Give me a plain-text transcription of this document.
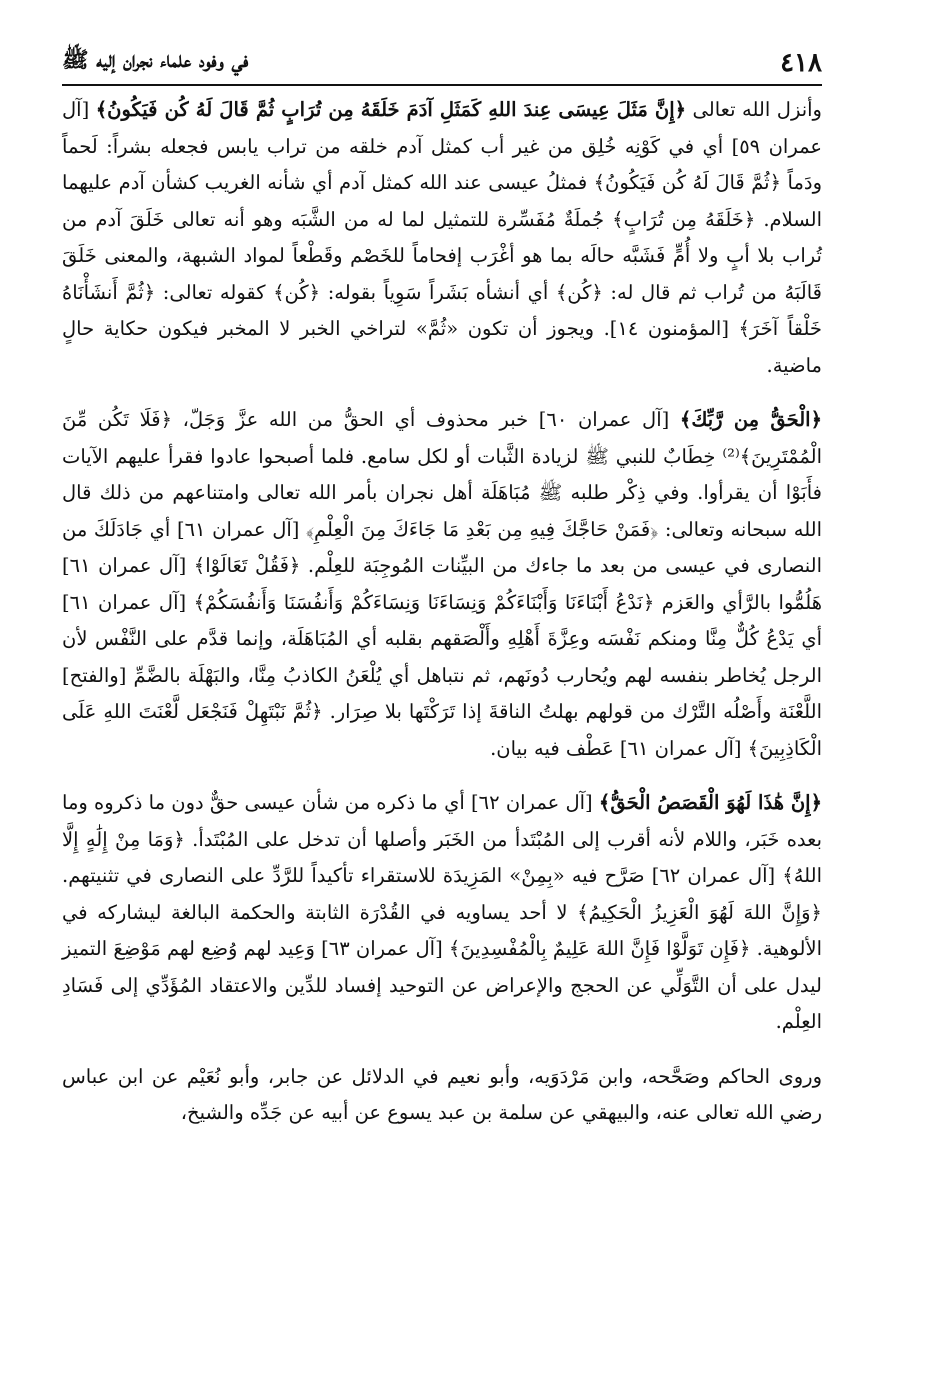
٤١٨
في وفود علماء نجران إليه ﷺ

وأنزل الله تعالى ﴿إِنَّ مَثَلَ عِيسَى عِندَ اللهِ كَمَثَلِ آدَمَ خَلَقَهُ مِن تُرَابٍ ثُمَّ قَالَ لَهُ كُن فَيَكُونُ﴾ [آل عمران ٥٩] أي في كَوْنِه خُلِق من غير أب كمثل آدم خلقه من تراب يابس فجعله بشراً: لَحماً ودَماً ﴿ثُمَّ قَالَ لَهُ كُن فَيَكُونُ﴾ فمثلُ عيسى عند الله كمثل آدم أي شأنه الغريب كشأن آدم عليهما السلام. ﴿خَلَقَهُ مِن تُرَابٍ﴾ جُملَةٌ مُفَسِّرة للتمثيل لما له من الشَّبَه وهو أنه تعالى خَلَقَ آدم من تُراب بلا أبٍ ولا أُمٍّ فَشَبَّه حالَه بما هو أغْرَب إفحاماً للخَصْم وقَطْعاً لمواد الشبهة، والمعنى خَلَقَ قَالَبَهُ من تُراب ثم قال له: ﴿كُن﴾ أي أنشأه بَشَراً سَوِياً بقوله: ﴿كُن﴾ كقوله تعالى: ﴿ثُمَّ أَنشَأْنَاهُ خَلْقاً آخَرَ﴾ [المؤمنون ١٤]. ويجوز أن تكون «ثُمَّ» لتراخي الخبر لا المخبر فيكون حكاية حالٍ ماضية.

﴿الْحَقُّ مِن رَّبِّكَ﴾ [آل عمران ٦٠] خبر محذوف أي الحقُّ من الله عزَّ وَجَلّ، ﴿فَلَا تَكُن مِّنَ الْمُمْتَرِينَ﴾⁽²⁾ خِطَابٌ للنبي ﷺ لزيادة الثَّبات أو لكل سامع. فلما أصبحوا عادوا فقرأ عليهم الآيات فأَبَوْا أن يقرأوا. وفي ذِكْر طلبه ﷺ مُبَاهَلَة أهل نجران بأمر الله تعالى وامتناعهم من ذلك قال الله سبحانه وتعالى: ﴿فَمَنْ حَاجَّكَ فِيهِ مِن بَعْدِ مَا جَاءَكَ مِنَ الْعِلْمِ﴾ [آل عمران ٦١] أي جَادَلَكَ من النصارى في عيسى من بعد ما جاءك من البيِّنات المُوجِبَة للعِلْم. ﴿فَقُلْ تَعَالَوْا﴾ [آل عمران ٦١] هَلُمُّوا بالرَّأي والعَزم ﴿نَدْعُ أَبْنَاءَنَا وَأَبْنَاءَكُمْ وَنِسَاءَنَا وَنِسَاءَكُمْ وَأَنفُسَنَا وَأَنفُسَكُمْ﴾ [آل عمران ٦١] أي يَدْعُ كُلٌّ مِنَّا ومنكم نَفْسَه وعِزَّةَ أَهْلِهِ وأَلْصَقهم بقلبه أي المُبَاهَلَة، وإنما قدَّم على النَّفْس لأن الرجل يُخاطر بنفسه لهم ويُحارب دُونَهم، ثم نتباهل أي يُلْعَنُ الكاذبُ مِنَّا، والبَهْلَة بالضَّمِّ [والفتح] اللَّعْنَة وأَصْلُه التَّرْك من قولهم بهلتُ الناقةَ إذا تَرَكْتَها بلا صِرَار. ﴿ثُمَّ نَبْتَهِلْ فَنَجْعَل لَّعْنَتَ اللهِ عَلَى الْكَاذِبِينَ﴾ [آل عمران ٦١] عَطْف فيه بيان.

﴿إِنَّ هَٰذَا لَهُوَ الْقَصَصُ الْحَقُّ﴾ [آل عمران ٦٢] أي ما ذكره من شأن عيسى حقٌّ دون ما ذكروه وما بعده خَبَر، واللام لأنه أقرب إلى المُبْتَدأ من الخَبَر وأصلها أن تدخل على المُبْتَدأ. ﴿وَمَا مِنْ إِلَٰهٍ إِلَّا اللهُ﴾ [آل عمران ٦٢] صَرَّح فيه «بِمِنْ» المَزِيدَة للاستقراء تأكيداً للرَّدِّ على النصارى في تثنيتهم. ﴿وَإِنَّ اللهَ لَهُوَ الْعَزِيزُ الْحَكِيمُ﴾ لا أحد يساويه في القُدْرَة الثابتة والحكمة البالغة ليشاركه في الألوهية. ﴿فَإِن تَوَلَّوْا فَإِنَّ اللهَ عَلِيمٌ بِالْمُفْسِدِينَ﴾ [آل عمران ٦٣] وَعِيد لهم وُضِع لهم مَوْضِعَ التميز ليدل على أن التَّوَلِّي عن الحجج والإعراض عن التوحيد إفساد للدِّين والاعتقاد المُؤَدِّي إلى فَسَادِ العِلْم.

وروى الحاكم وصَحَّحه، وابن مَرْدَوَيه، وأبو نعيم في الدلائل عن جابر، وأبو نُعَيْم عن ابن عباس رضي الله تعالى عنه، والبيهقي عن سلمة بن عبد يسوع عن أبيه عن جَدِّه والشيخ،
